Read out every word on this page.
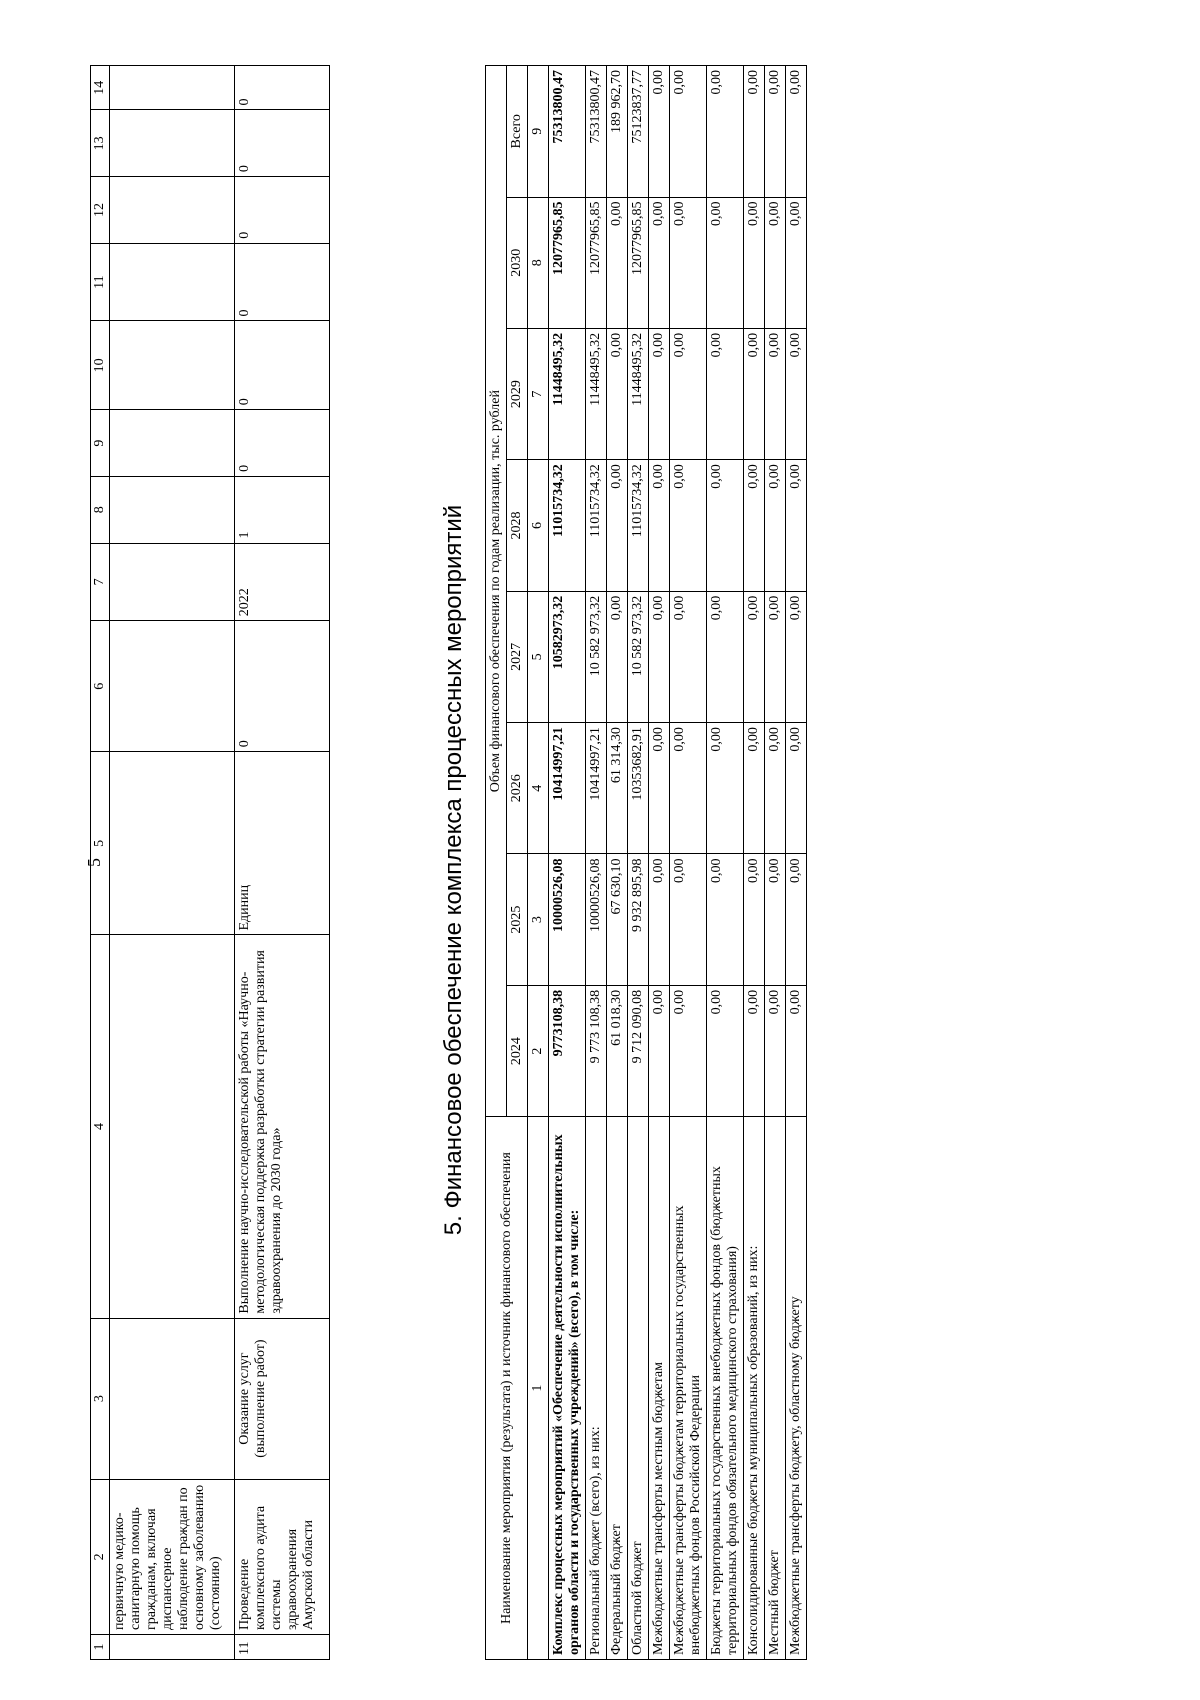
5
1	2	3	4	5	6	7	8	9	10	11	12	13	14
	первичную медико-санитарную помощь гражданам, включая диспансерное наблюдение граждан по основному заболеванию (состоянию)												
11	Проведение комплексного аудита системы здравоохранения Амурской области	Оказание услуг (выполнение работ)	Выполнение научно-исследовательской работы «Научно-методологическая поддержка разработки стратегии развития здравоохранения до 2030 года»	Единиц	0	2022	1	0	0	0	0	0	0
5. Финансовое обеспечение комплекса процессных мероприятий
Наименование мероприятия (результата) и источник финансового обеспечения	Объем финансового обеспечения по годам реализации, тыс. рублей							
	2024	2025	2026	2027	2028	2029	2030	Всего
1	2	3	4	5	6	7	8	9
Комплекс процессных мероприятий «Обеспечение деятельности исполнительных органов области и государственных учреждений» (всего), в том числе:	9773108,38	10000526,08	10414997,21	10582973,32	11015734,32	11448495,32	12077965,85	75313800,47
Региональный бюджет (всего), из них:	9 773 108,38	10000526,08	10414997,21	10 582 973,32	11015734,32	11448495,32	12077965,85	75313800,47
Федеральный бюджет	61 018,30	67 630,10	61 314,30	0,00	0,00	0,00	0,00	189 962,70
Областной бюджет	9 712 090,08	9 932 895,98	10353682,91	10 582 973,32	11015734,32	11448495,32	12077965,85	75123837,77
Межбюджетные трансферты местным бюджетам	0,00	0,00	0,00	0,00	0,00	0,00	0,00	0,00
Межбюджетные трансферты бюджетам территориальных государственных внебюджетных фондов Российской Федерации	0,00	0,00	0,00	0,00	0,00	0,00	0,00	0,00
Бюджеты территориальных государственных внебюджетных фондов (бюджетных территориальных фондов обязательного медицинского страхования)	0,00	0,00	0,00	0,00	0,00	0,00	0,00	0,00
Консолидированные бюджеты муниципальных образований, из них:	0,00	0,00	0,00	0,00	0,00	0,00	0,00	0,00
Местный бюджет	0,00	0,00	0,00	0,00	0,00	0,00	0,00	0,00
Межбюджетные трансферты бюджету, областному бюджету	0,00	0,00	0,00	0,00	0,00	0,00	0,00	0,00
